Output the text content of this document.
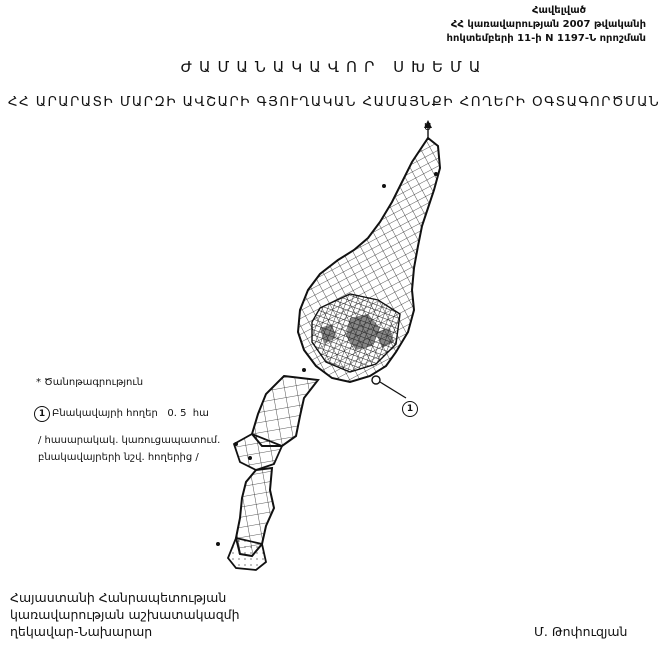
Հավելված
ՀՀ կառավարության 2007 թվականի
հոկտեմբերի 11-ի N 1197-Ն որոշման
ԺԱՄԱՆԱԿԱՎՈՐ ՍԽԵՄԱ
ՀՀ ԱՐԱՐԱՏԻ ՄԱՐԶԻ ԱՎՇԱՐԻ ԳՅՈՒՂԱԿԱՆ ՀԱՄԱՅՆՔԻ ՀՈՂԵՐԻ ՕԳՏԱԳՈՐԾՄԱՆ
Ս
1
* Ծանոթագրություն
1 Բնակավայրի հողեր   0. 5  հա
/ հասարակակ. կառուցապատում.
բնակավայրերի նշվ. հողերից /
Հայաստանի Հանրապետության
կառավարության աշխատակազմի
ղեկավար-Նախարար	Մ. Թոփուզյան
